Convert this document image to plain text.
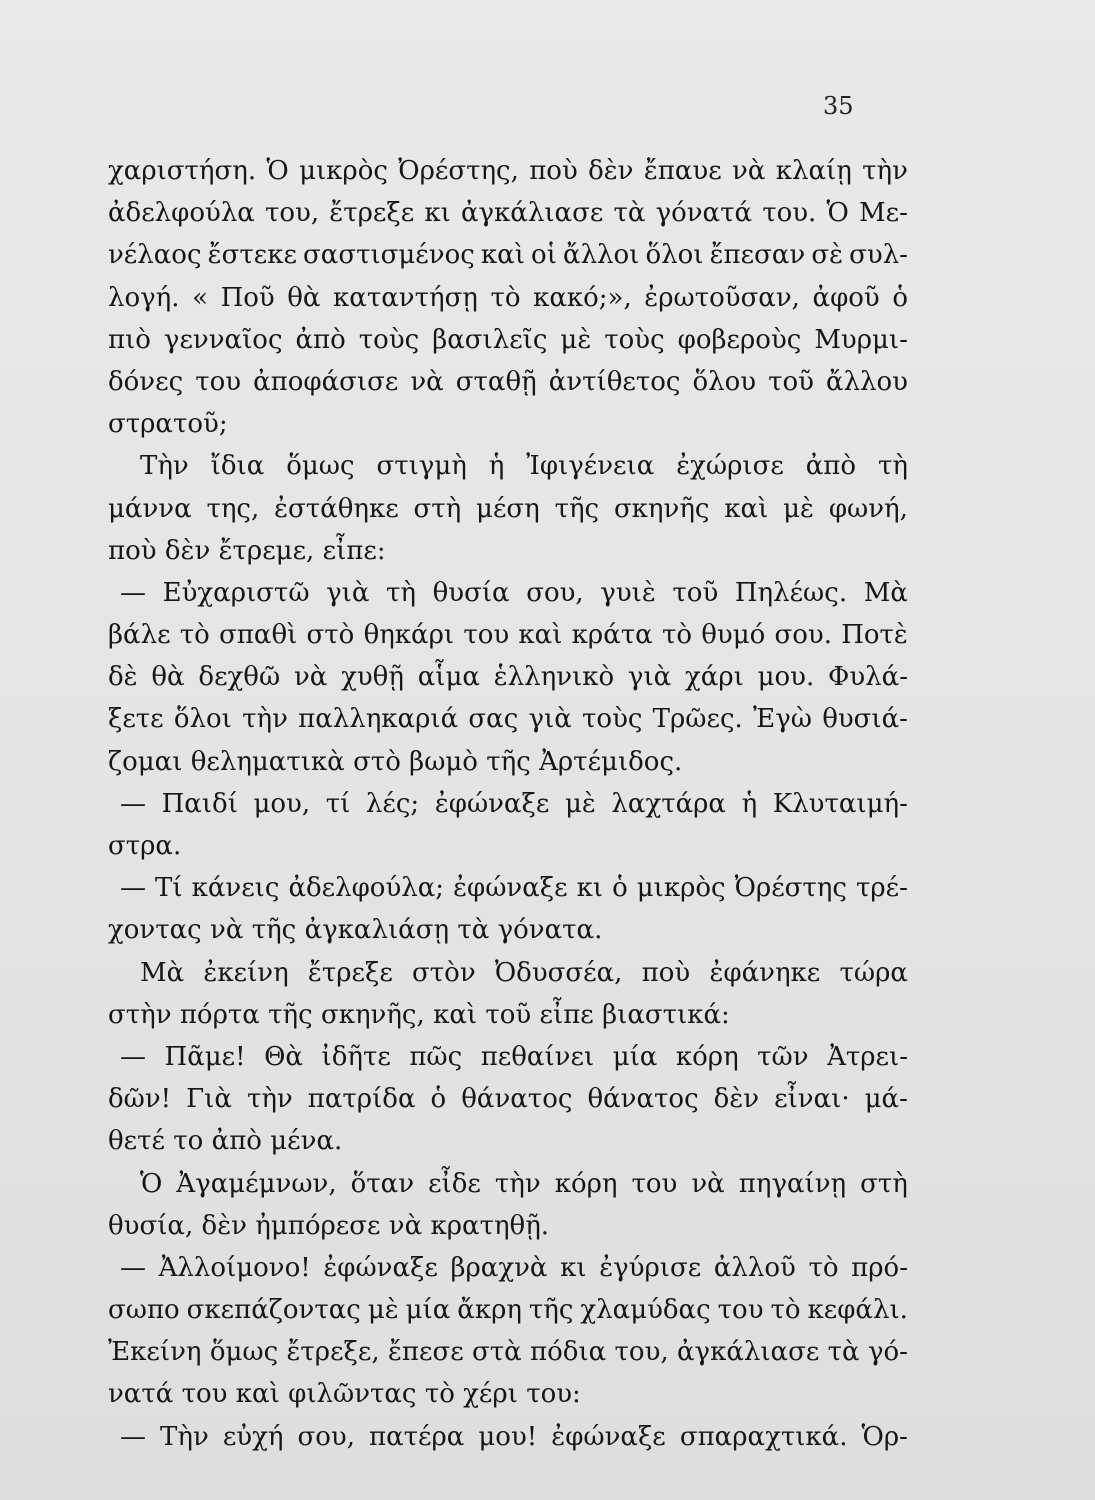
35
χαριστήση. Ὁ μικρὸς Ὀρέστης, ποὺ δὲν ἔπαυε νὰ κλαίῃ τὴν
ἀδελφούλα του, ἔτρεξε κι ἀγκάλιασε τὰ γόνατά του. Ὁ Με-
νέλαος ἔστεκε σαστισμένος καὶ οἱ ἄλλοι ὅλοι ἔπεσαν σὲ συλ-
λογή. « Ποῦ θὰ καταντήσῃ τὸ κακό;», ἐρωτοῦσαν, ἀφοῦ ὁ
πιὸ γενναῖος ἀπὸ τοὺς βασιλεῖς μὲ τοὺς φοβεροὺς Μυρμι-
δόνες του ἀποφάσισε νὰ σταθῇ ἀντίθετος ὅλου τοῦ ἄλλου
στρατοῦ;
Τὴν ἴδια ὅμως στιγμὴ ἡ Ἰφιγένεια ἐχώρισε ἀπὸ τὴ
μάννα της, ἐστάθηκε στὴ μέση τῆς σκηνῆς καὶ μὲ φωνή,
ποὺ δὲν ἔτρεμε, εἶπε:
— Εὐχαριστῶ γιὰ τὴ θυσία σου, γυιὲ τοῦ Πηλέως. Μὰ
βάλε τὸ σπαθὶ στὸ θηκάρι του καὶ κράτα τὸ θυμό σου. Ποτὲ
δὲ θὰ δεχθῶ νὰ χυθῇ αἷμα ἑλληνικὸ γιὰ χάρι μου. Φυλά-
ξετε ὅλοι τὴν παλληκαριά σας γιὰ τοὺς Τρῶες. Ἐγὼ θυσιά-
ζομαι θεληματικὰ στὸ βωμὸ τῆς Ἀρτέμιδος.
— Παιδί μου, τί λές; ἐφώναξε μὲ λαχτάρα ἡ Κλυταιμή-
στρα.
— Τί κάνεις ἀδελφούλα; ἐφώναξε κι ὁ μικρὸς Ὀρέστης τρέ-
χοντας νὰ τῆς ἀγκαλιάσῃ τὰ γόνατα.
Μὰ ἐκείνη ἔτρεξε στὸν Ὀδυσσέα, ποὺ ἐφάνηκε τώρα
στὴν πόρτα τῆς σκηνῆς, καὶ τοῦ εἶπε βιαστικά:
— Πᾶμε! Θὰ ἰδῆτε πῶς πεθαίνει μία κόρη τῶν Ἀτρει-
δῶν! Γιὰ τὴν πατρίδα ὁ θάνατος θάνατος δὲν εἶναι· μά-
θετέ το ἀπὸ μένα.
Ὁ Ἀγαμέμνων, ὅταν εἶδε τὴν κόρη του νὰ πηγαίνῃ στὴ
θυσία, δὲν ἠμπόρεσε νὰ κρατηθῇ.
— Ἀλλοίμονο! ἐφώναξε βραχνὰ κι ἐγύρισε ἀλλοῦ τὸ πρό-
σωπο σκεπάζοντας μὲ μία ἄκρη τῆς χλαμύδας του τὸ κεφάλι.
Ἐκείνη ὅμως ἔτρεξε, ἔπεσε στὰ πόδια του, ἀγκάλιασε τὰ γό-
νατά του καὶ φιλῶντας τὸ χέρι του:
— Τὴν εὐχή σου, πατέρα μου! ἐφώναξε σπαραχτικά. Ὁρ-
